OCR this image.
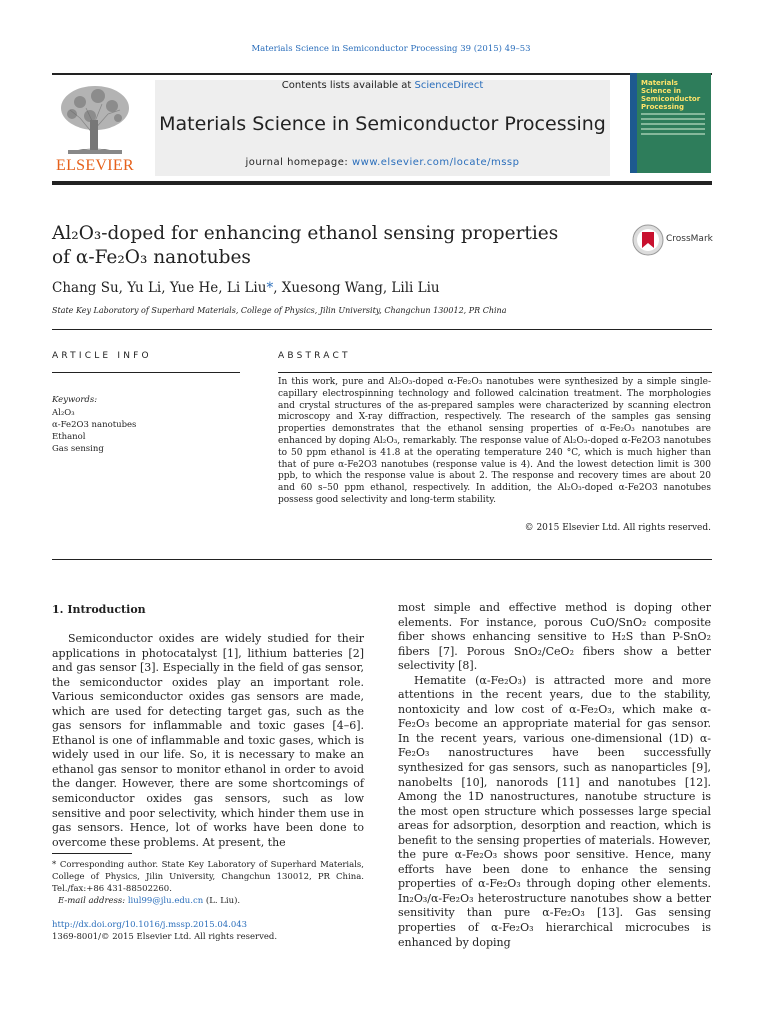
Materials Science in Semiconductor Processing 39 (2015) 49–53
ELSEVIER
Contents lists available at ScienceDirect
Materials Science in Semiconductor Processing
journal homepage: www.elsevier.com/locate/mssp
Materials Science in Semiconductor Processing
Al₂O₃-doped for enhancing ethanol sensing properties
of α-Fe₂O₃ nanotubes
CrossMark
Chang Su, Yu Li, Yue He, Li Liu*, Xuesong Wang, Lili Liu
State Key Laboratory of Superhard Materials, College of Physics, Jilin University, Changchun 130012, PR China
ARTICLE INFO
Keywords:
Al₂O₃
α-Fe2O3 nanotubes
Ethanol
Gas sensing
ABSTRACT
In this work, pure and Al₂O₃-doped α-Fe₂O₃ nanotubes were synthesized by a simple single-capillary electrospinning technology and followed calcination treatment. The morphologies and crystal structures of the as-prepared samples were characterized by scanning electron microscopy and X-ray diffraction, respectively. The research of the samples gas sensing properties demonstrates that the ethanol sensing properties of α-Fe₂O₃ nanotubes are enhanced by doping Al₂O₃, remarkably. The response value of Al₂O₃-doped α-Fe2O3 nanotubes to 50 ppm ethanol is 41.8 at the operating temperature 240 °C, which is much higher than that of pure α-Fe2O3 nanotubes (response value is 4). And the lowest detection limit is 300 ppb, to which the response value is about 2. The response and recovery times are about 20 and 60 s–50 ppm ethanol, respectively. In addition, the Al₂O₃-doped α-Fe2O3 nanotubes possess good selectivity and long-term stability.
© 2015 Elsevier Ltd. All rights reserved.
1. Introduction

Semiconductor oxides are widely studied for their applications in photocatalyst [1], lithium batteries [2] and gas sensor [3]. Especially in the field of gas sensor, the semiconductor oxides play an important role. Various semiconductor oxides gas sensors are made, which are used for detecting target gas, such as the gas sensors for inflammable and toxic gases [4–6]. Ethanol is one of inflammable and toxic gases, which is widely used in our life. So, it is necessary to make an ethanol gas sensor to monitor ethanol in order to avoid the danger. However, there are some shortcomings of semiconductor oxides gas sensors, such as low sensitive and poor selectivity, which hinder them use in gas sensors. Hence, lot of works have been done to overcome these problems. At present, the

most simple and effective method is doping other elements. For instance, porous CuO/SnO₂ composite fiber shows enhancing sensitive to H₂S than P-SnO₂ fibers [7]. Porous SnO₂/CeO₂ fibers show a better selectivity [8].

Hematite (α-Fe₂O₃) is attracted more and more attentions in the recent years, due to the stability, nontoxicity and low cost of α-Fe₂O₃, which make α-Fe₂O₃ become an appropriate material for gas sensor. In the recent years, various one-dimensional (1D) α-Fe₂O₃ nanostructures have been successfully synthesized for gas sensors, such as nanoparticles [9], nanobelts [10], nanorods [11] and nanotubes [12]. Among the 1D nanostructures, nanotube structure is the most open structure which possesses large special areas for adsorption, desorption and reaction, which is benefit to the sensing properties of materials. However, the pure α-Fe₂O₃ shows poor sensitive. Hence, many efforts have been done to enhance the sensing properties of α-Fe₂O₃ through doping other elements. In₂O₃/α-Fe₂O₃ heterostructure nanotubes show a better sensitivity than pure α-Fe₂O₃ [13]. Gas sensing properties of α-Fe₂O₃ hierarchical microcubes is enhanced by doping

* Corresponding author. State Key Laboratory of Superhard Materials, College of Physics, Jilin University, Changchun 130012, PR China. Tel./fax:+86 431-88502260.
E-mail address: liul99@jlu.edu.cn (L. Liu).
http://dx.doi.org/10.1016/j.mssp.2015.04.043
1369-8001/© 2015 Elsevier Ltd. All rights reserved.
